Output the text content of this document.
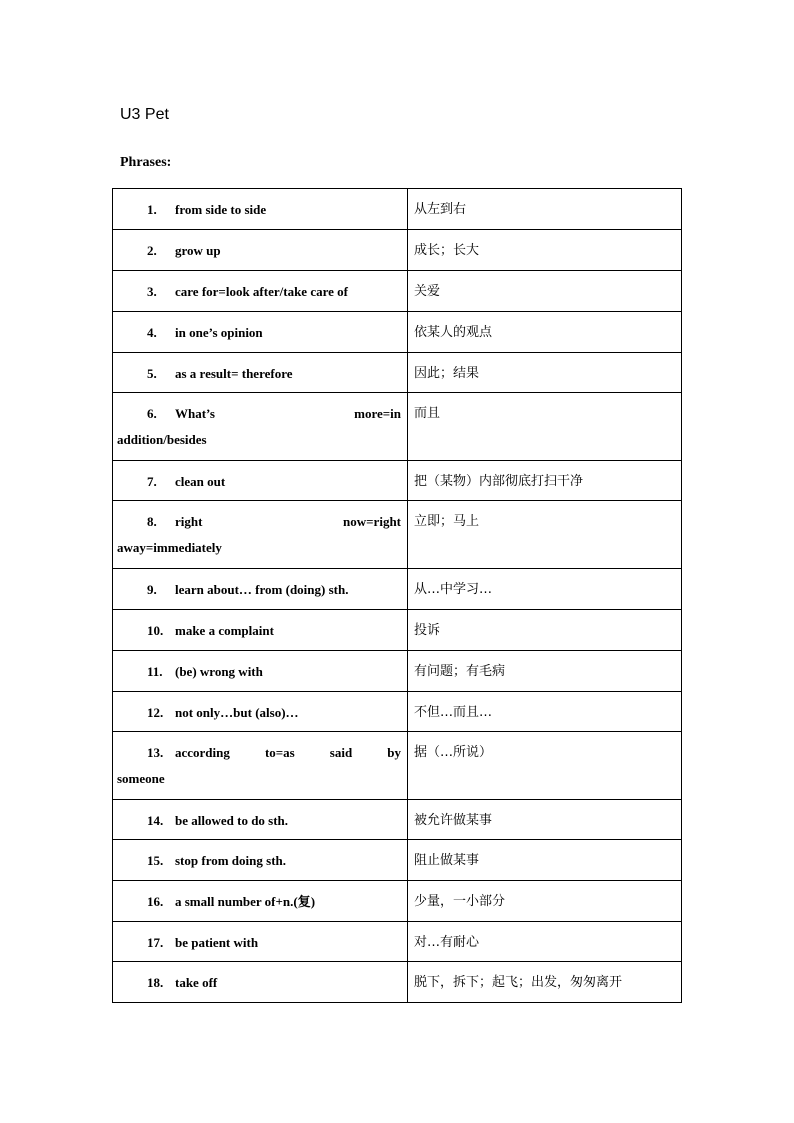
U3 Pet
Phrases:
1. from side to side	从左到右

2. grow up	成长；长大

3. care for=look after/take care of	关爱

4. in one’s opinion	依某人的观点

5. as a result= therefore	因此；结果

6. What’s more=in
addition/besides	而且

7. clean out	把（某物）内部彻底打扫干净

8. right now=right
away=immediately	立即；马上

9. learn about… from (doing) sth.	从…中学习…

10. make a complaint	投诉

11. (be) wrong with	有问题；有毛病

12. not only…but (also)…	不但…而且…

13. according to=as said by
someone	据（…所说）

14. be allowed to do sth.	被允许做某事

15. stop from doing sth.	阻止做某事

16. a small number of+n.(复)	少量，一小部分

17. be patient with	对…有耐心

18. take off	脱下，拆下；起飞；出发，匆匆离开
